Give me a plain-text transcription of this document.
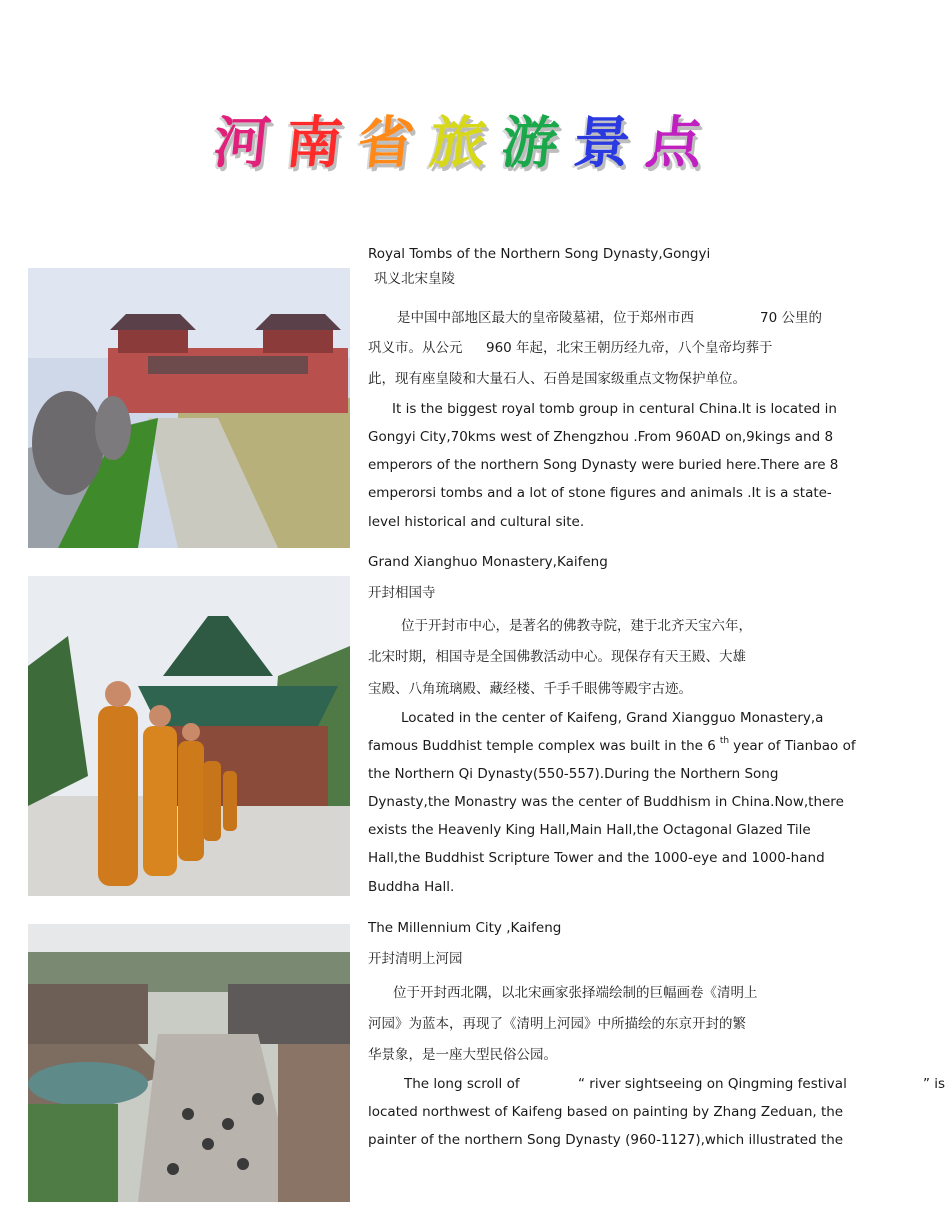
河 南 省 旅 游 景 点
Royal Tombs of the Northern Song Dynasty,Gongyi
巩义北宋皇陵
是中国中部地区最大的皇帝陵墓裙，位于郑州市西	70 公里的
巩义市。从公元 960 年起，北宋王朝历经九帝，八个皇帝均葬于
此，现有座皇陵和大量石人、石兽是国家级重点文物保护单位。
It is the biggest royal tomb group in centural China.It is located in
Gongyi City,70kms west of Zhengzhou .From 960AD on,9kings and 8
emperors of the northern Song Dynasty were buried here.There are 8
emperorsi tombs and a lot of stone figures and animals .It is a state-
level historical and cultural site.
Grand Xianghuo Monastery,Kaifeng
开封相国寺
位于开封市中心，是著名的佛教寺院，建于北齐天宝六年，
北宋时期，相国寺是全国佛教活动中心。现保存有天王殿、大雄
宝殿、八角琉璃殿、藏经楼、千手千眼佛等殿宇古迹。
Located in the center of Kaifeng, Grand Xiangguo Monastery,a
famous Buddhist temple complex was built in the 6 $^{th}$ year of Tianbao of
the Northern Qi Dynasty(550-557).During the Northern Song
Dynasty,the Monastry was the center of Buddhism in China.Now,there
exists the Heavenly King Hall,Main Hall,the Octagonal Glazed Tile
Hall,the Buddhist Scripture Tower and the 1000-eye and 1000-hand
Buddha Hall.
The Millennium City ,Kaifeng
开封清明上河园
位于开封西北隅，以北宋画家张择端绘制的巨幅画卷《清明上
河园》为蓝本，再现了《清明上河园》中所描绘的东京开封的繁
华景象，是一座大型民俗公园。
The long scroll of	“ river sightseeing on Qingming festival	” is
located northwest of Kaifeng based on painting by Zhang Zeduan, the
painter of the northern Song Dynasty (960-1127),which illustrated the
